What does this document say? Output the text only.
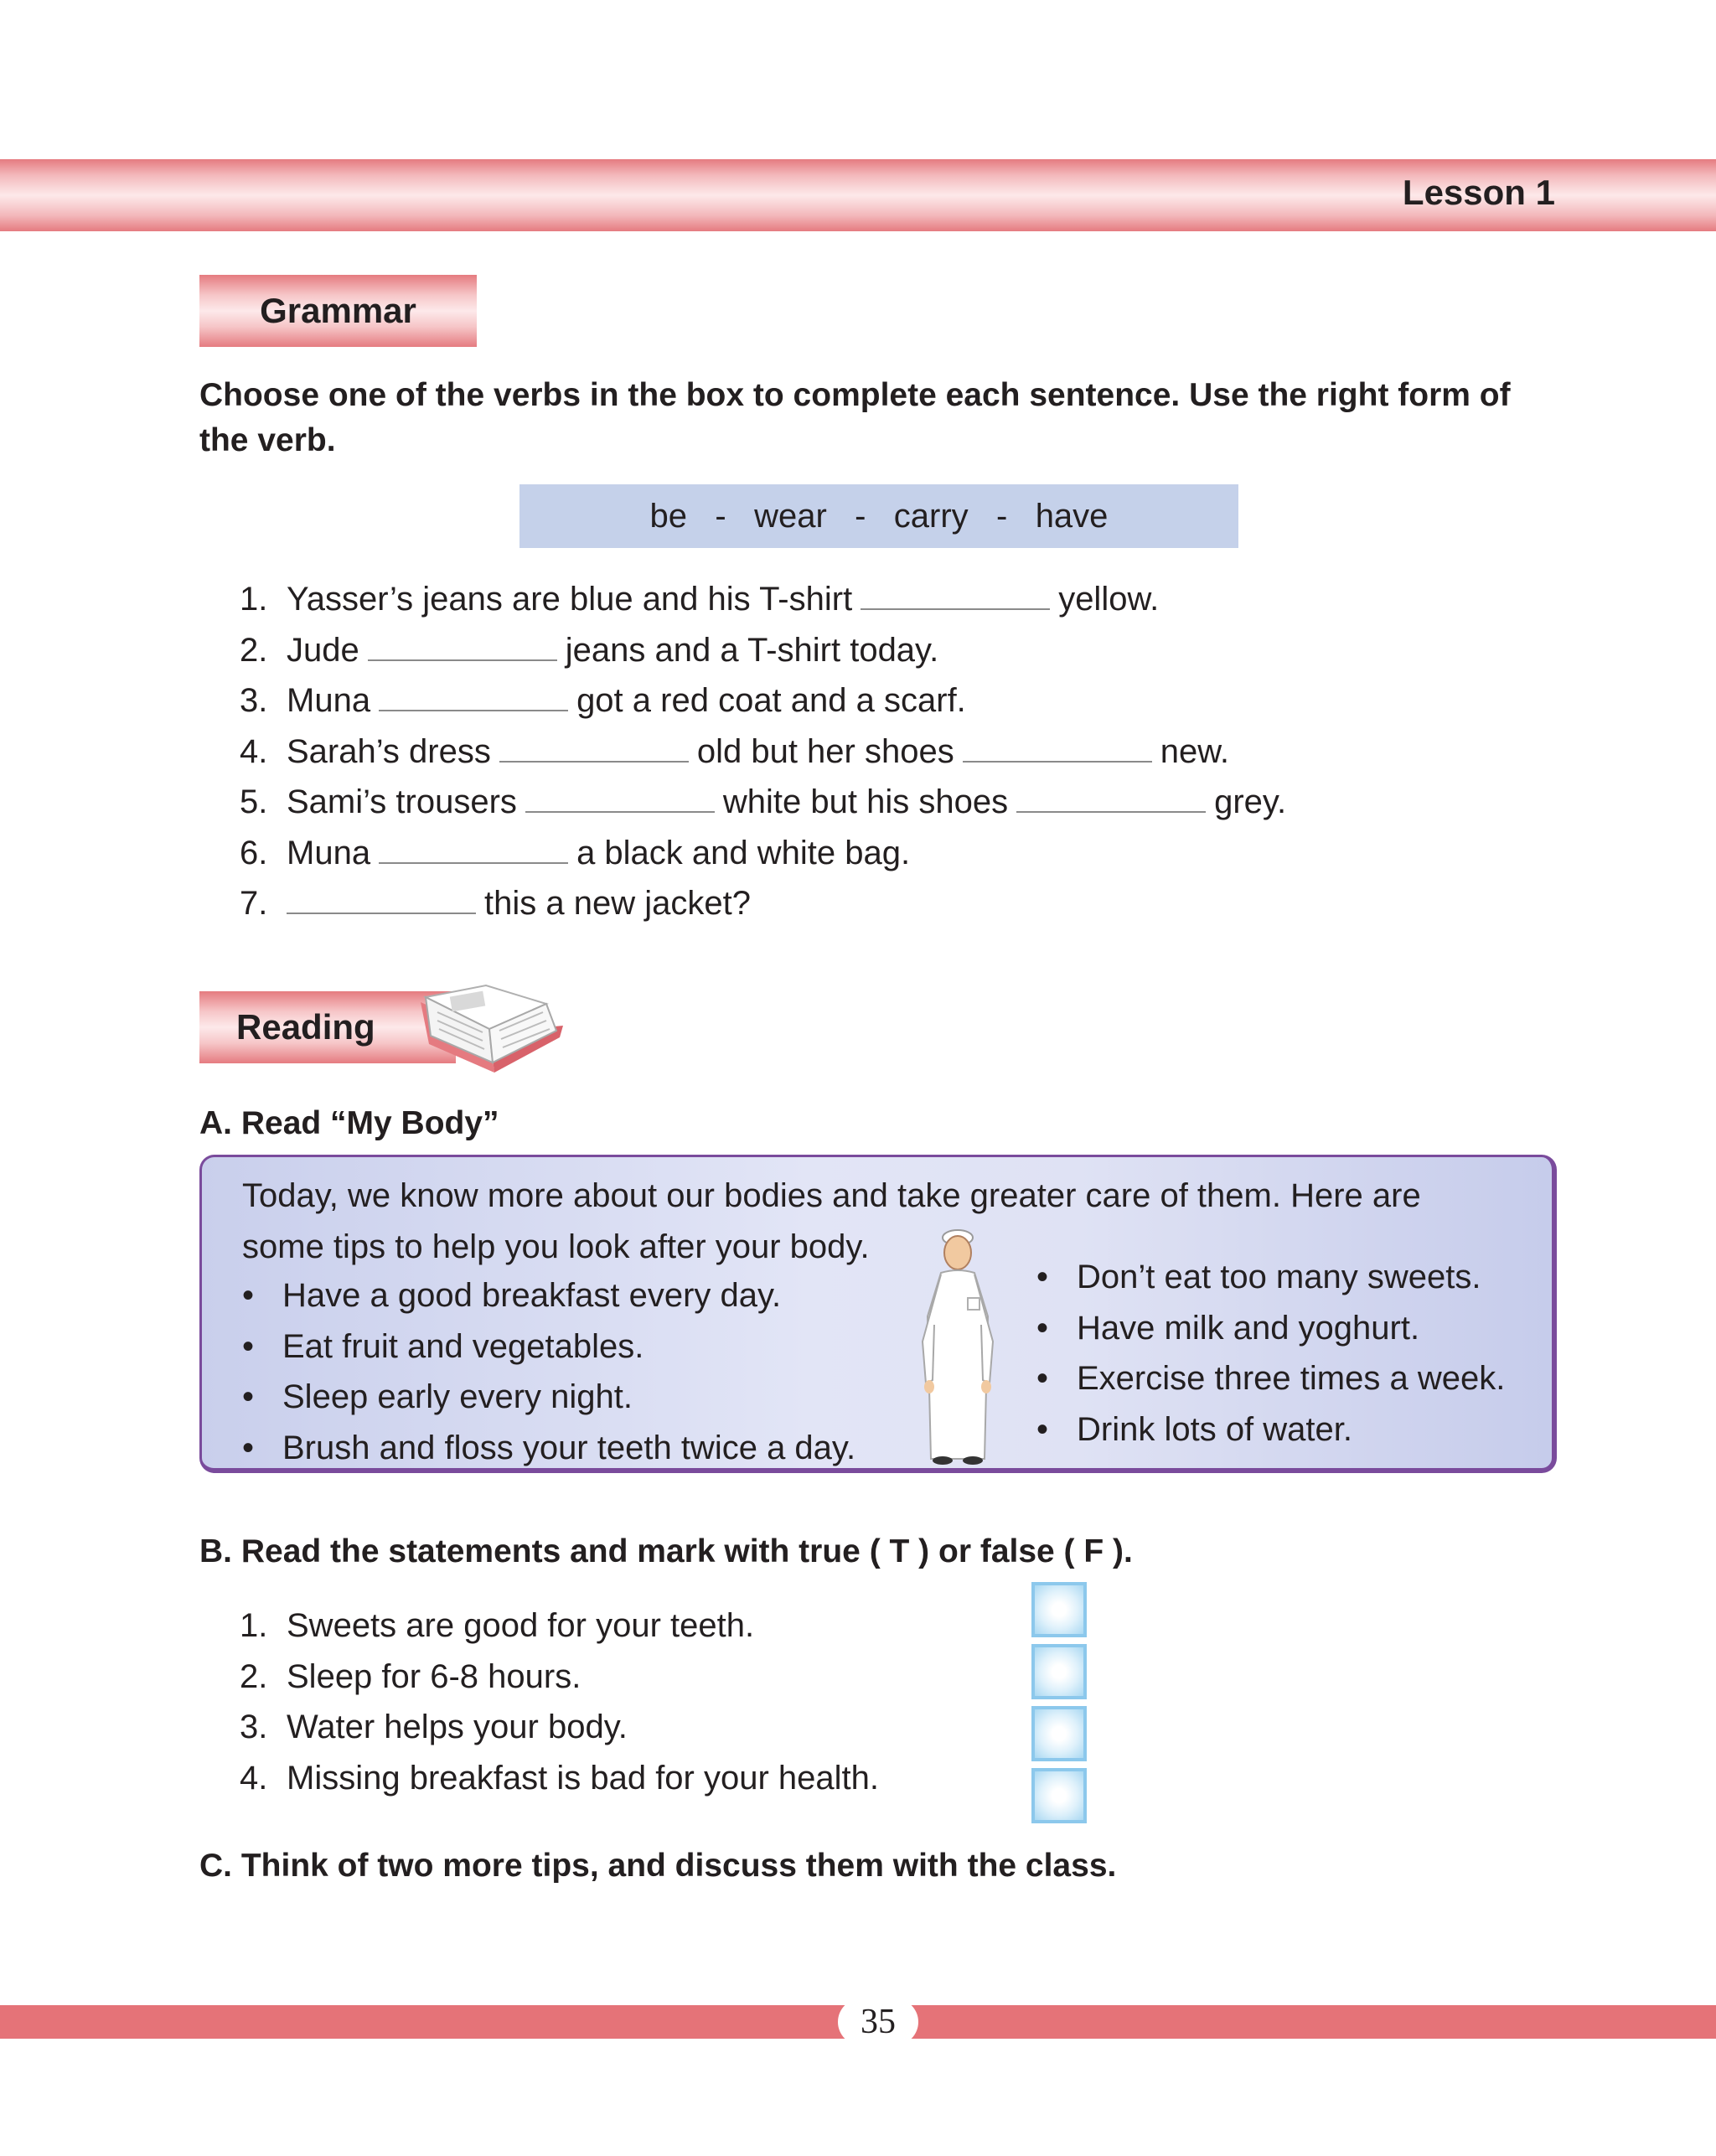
Lesson 1
Grammar
Choose one of the verbs in the box to complete each sentence. Use the right form of the verb.
be
-
wear
-
carry
-
have
1. Yasser’s jeans are blue and his T-shirt	yellow.
2. Jude	jeans and a T-shirt today.
3. Muna	got a red coat and a scarf.
4. Sarah’s dress	old but her shoes	new.
5. Sami’s trousers	white but his shoes	grey.
6. Muna	a black and white bag.
7.	this a new jacket?
Reading
A. Read “My Body”
Today, we know more about our bodies and take greater care of them. Here are some tips to help you look after your body.
• Have a good breakfast every day.
• Eat fruit and vegetables.
• Sleep early every night.
• Brush and floss your teeth twice a day.
• Don’t eat too many sweets.
• Have milk and yoghurt.
• Exercise three times a week.
• Drink lots of water.
B. Read the statements and mark with true ( T ) or false ( F ).
1. Sweets are good for your teeth.
2. Sleep for 6-8 hours.
3. Water helps your body.
4. Missing breakfast is bad for your health.
C. Think of two more tips, and discuss them with the class.
35
